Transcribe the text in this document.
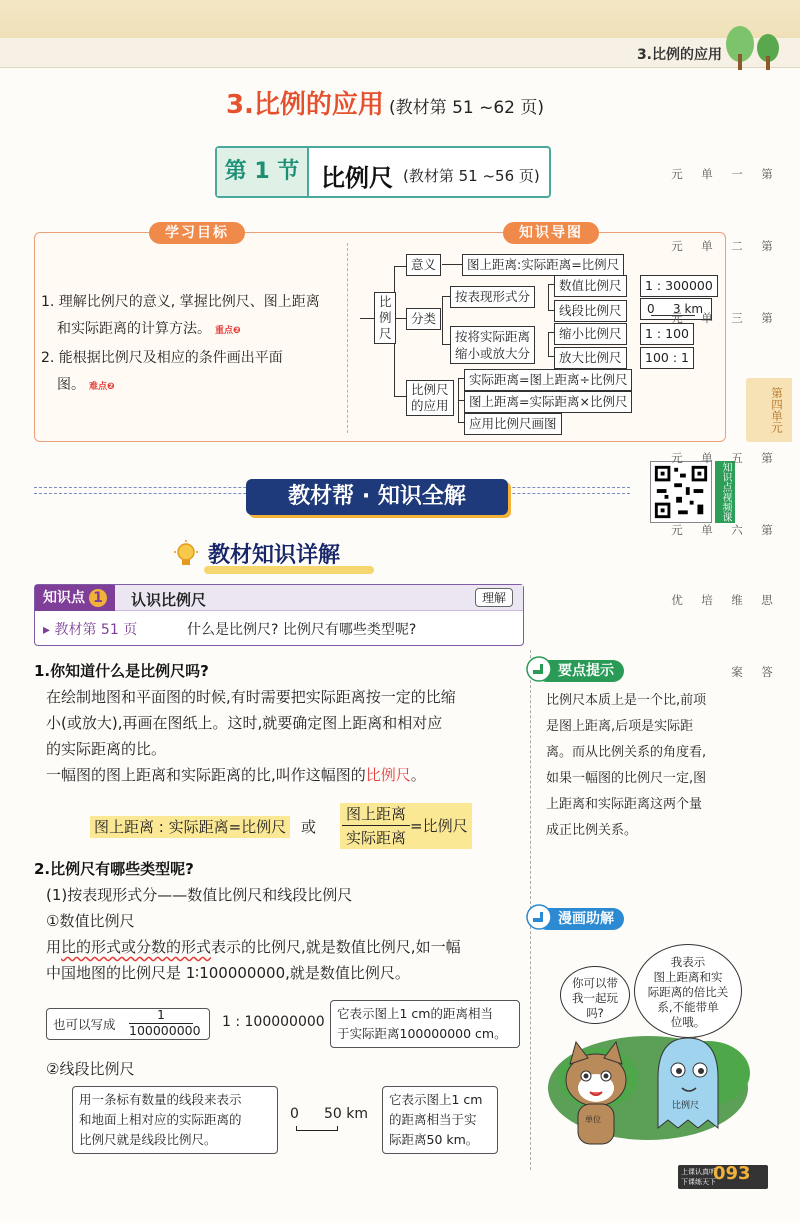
3.比例的应用
3.比例的应用 (教材第 51 ~62 页)
第 1 节 比例尺 (教材第 51 ~56 页)
学习目标	知识导图
1. 理解比例尺的意义, 掌握比例尺、图上距离
和实际距离的计算方法。 重点❷
2. 能根据比例尺及相应的条件画出平面
图。 难点❷
比例尺
意义	图上距离:实际距离=比例尺
分类
按表现形式分
数值比例尺	1 : 300000
线段比例尺	0 3 km
按将实际距离
缩小或放大分
缩小比例尺	1 : 100
放大比例尺	100 : 1
比例尺
的应用
实际距离=图上距离÷比例尺
图上距离=实际距离×比例尺
应用比例尺画图
教材帮 · 知识全解	知识点视频课
第一单元
第二单元
第三单元
第四单元
第五单元
第六单元
思维培优
答案
教材知识详解
知识点 1	认识比例尺	理解
▸ 教材第 51 页	什么是比例尺? 比例尺有哪些类型呢?
1.你知道什么是比例尺吗?
在绘制地图和平面图的时候,有时需要把实际距离按一定的比缩
小(或放大),再画在图纸上。这时,就要确定图上距离和相对应
的实际距离的比。
一幅图的图上距离和实际距离的比,叫作这幅图的比例尺。
图上距离 : 实际距离=比例尺 或
图上距离
实际距离
=比例尺
2.比例尺有哪些类型呢?
(1)按表现形式分——数值比例尺和线段比例尺
①数值比例尺
用比的形式或分数的形式表示的比例尺,就是数值比例尺,如一幅
中国地图的比例尺是 1∶100000000,就是数值比例尺。
也可以写成
1
100000000
1 : 100000000
它表示图上1 cm的距离相当
于实际距离100000000 cm。
②线段比例尺
用一条标有数量的线段来表示
和地面上相对应的实际距离的
比例尺就是线段比例尺。
0 50 km
它表示图上1 cm
的距离相当于实
际距离50 km。
要点提示
比例尺本质上是一个比,前项
是图上距离,后项是实际距
离。而从比例关系的角度看,
如果一幅图的比例尺一定,图
上距离和实际距离这两个量
成正比例关系。
漫画助解
你可以带
我一起玩
吗?
我表示
图上距离和实
际距离的倍比关
系,不能带单
位哦。
单位
比例尺
上课认真听
下课练天下
093
